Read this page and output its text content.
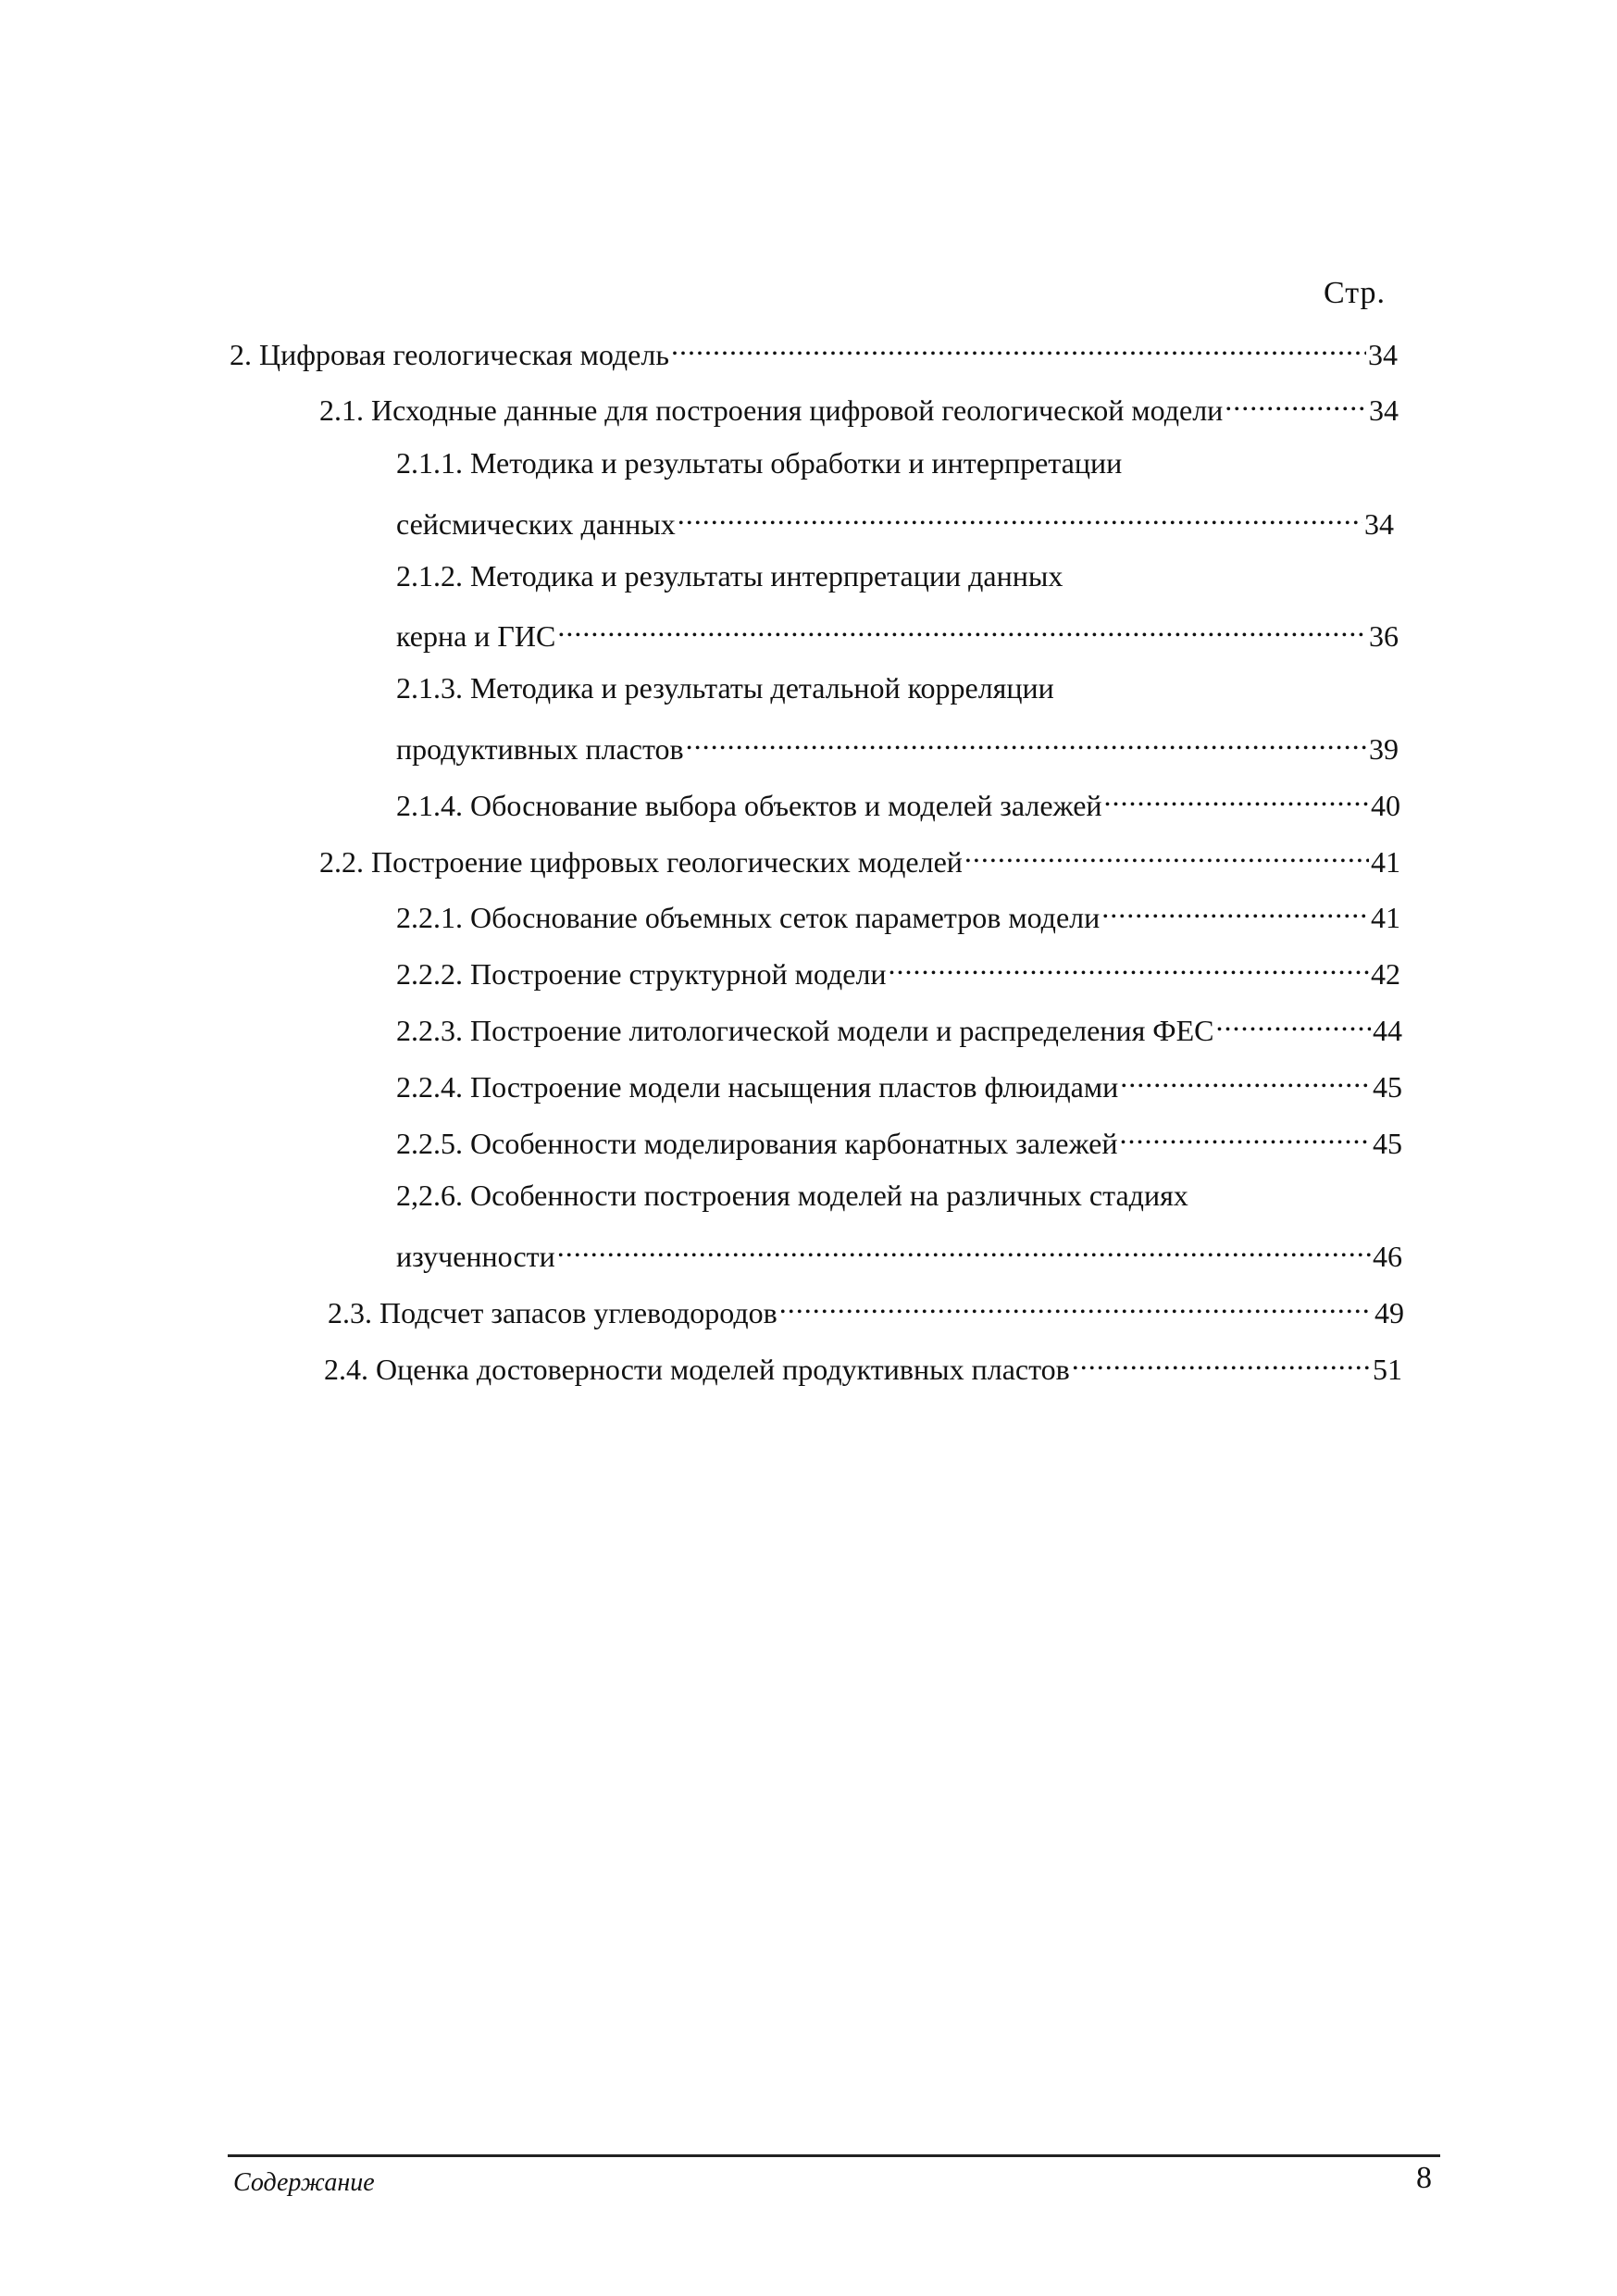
Стр.
2. Цифровая геологическая модель .....	34
2.1. Исходные данные для построения цифровой геологической модели .....	34
2.1.1. Методика и результаты обработки и интерпретации
сейсмических данных .....	34
2.1.2. Методика и результаты интерпретации данных
керна и ГИС .....	36
2.1.3. Методика и результаты детальной корреляции
продуктивных пластов .....	39
2.1.4. Обоснование выбора объектов и моделей залежей .....	40
2.2. Построение цифровых геологических моделей .....	41
2.2.1. Обоснование объемных сеток параметров модели .....	41
2.2.2. Построение структурной модели .....	42
2.2.3. Построение литологической модели и распределения ФЕС .....	44
2.2.4. Построение модели насыщения пластов флюидами .....	45
2.2.5. Особенности моделирования карбонатных залежей .....	45
2,2.6. Особенности построения моделей на различных стадиях
изученности .....	46
2.3. Подсчет запасов углеводородов .....	49
2.4. Оценка достоверности моделей продуктивных пластов .....	51
Содержание	8
